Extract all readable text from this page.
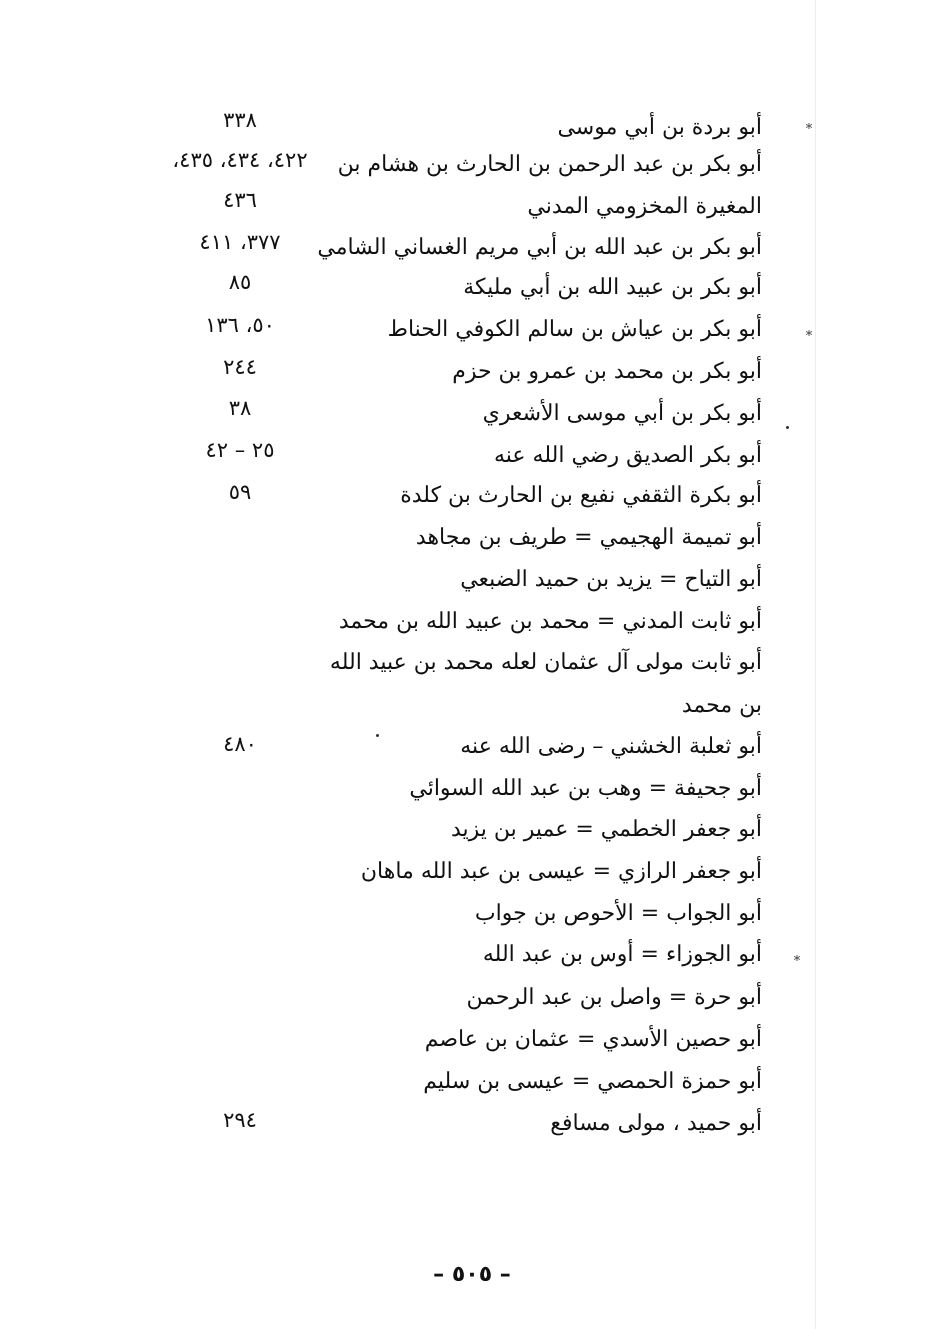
*
أبو بردة بن أبي موسى
٣٣٨
أبو بكر بن عبد الرحمن بن الحارث بن هشام بن
٤٢٢، ٤٣٤، ٤٣٥،
المغيرة المخزومي المدني
٤٣٦
أبو بكر بن عبد الله بن أبي مريم الغساني الشامي
٣٧٧، ٤١١
أبو بكر بن عبيد الله بن أبي مليكة
٨٥
*
أبو بكر بن عياش بن سالم الكوفي الحناط
٥٠، ١٣٦
أبو بكر بن محمد بن عمرو بن حزم
٢٤٤
أبو بكر بن أبي موسى الأشعري
٣٨
أبو بكر الصديق رضي الله عنه
٢٥ – ٤٢
أبو بكرة الثقفي نفيع بن الحارث بن كلدة
٥٩
أبو تميمة الهجيمي = طريف بن مجاهد
أبو التياح = يزيد بن حميد الضبعي
أبو ثابت المدني = محمد بن عبيد الله بن محمد
أبو ثابت مولى آل عثمان لعله محمد بن عبيد الله
بن محمد
أبو ثعلبة الخشني – رضى الله عنه
٤٨٠
أبو جحيفة = وهب بن عبد الله السوائي
أبو جعفر الخطمي = عمير بن يزيد
أبو جعفر الرازي = عيسى بن عبد الله ماهان
أبو الجواب = الأحوص بن جواب
*
أبو الجوزاء = أوس بن عبد الله
أبو حرة = واصل بن عبد الرحمن
أبو حصين الأسدي = عثمان بن عاصم
أبو حمزة الحمصي = عيسى بن سليم
أبو حميد ، مولى مسافع
٢٩٤
– ٥٠٥ –
